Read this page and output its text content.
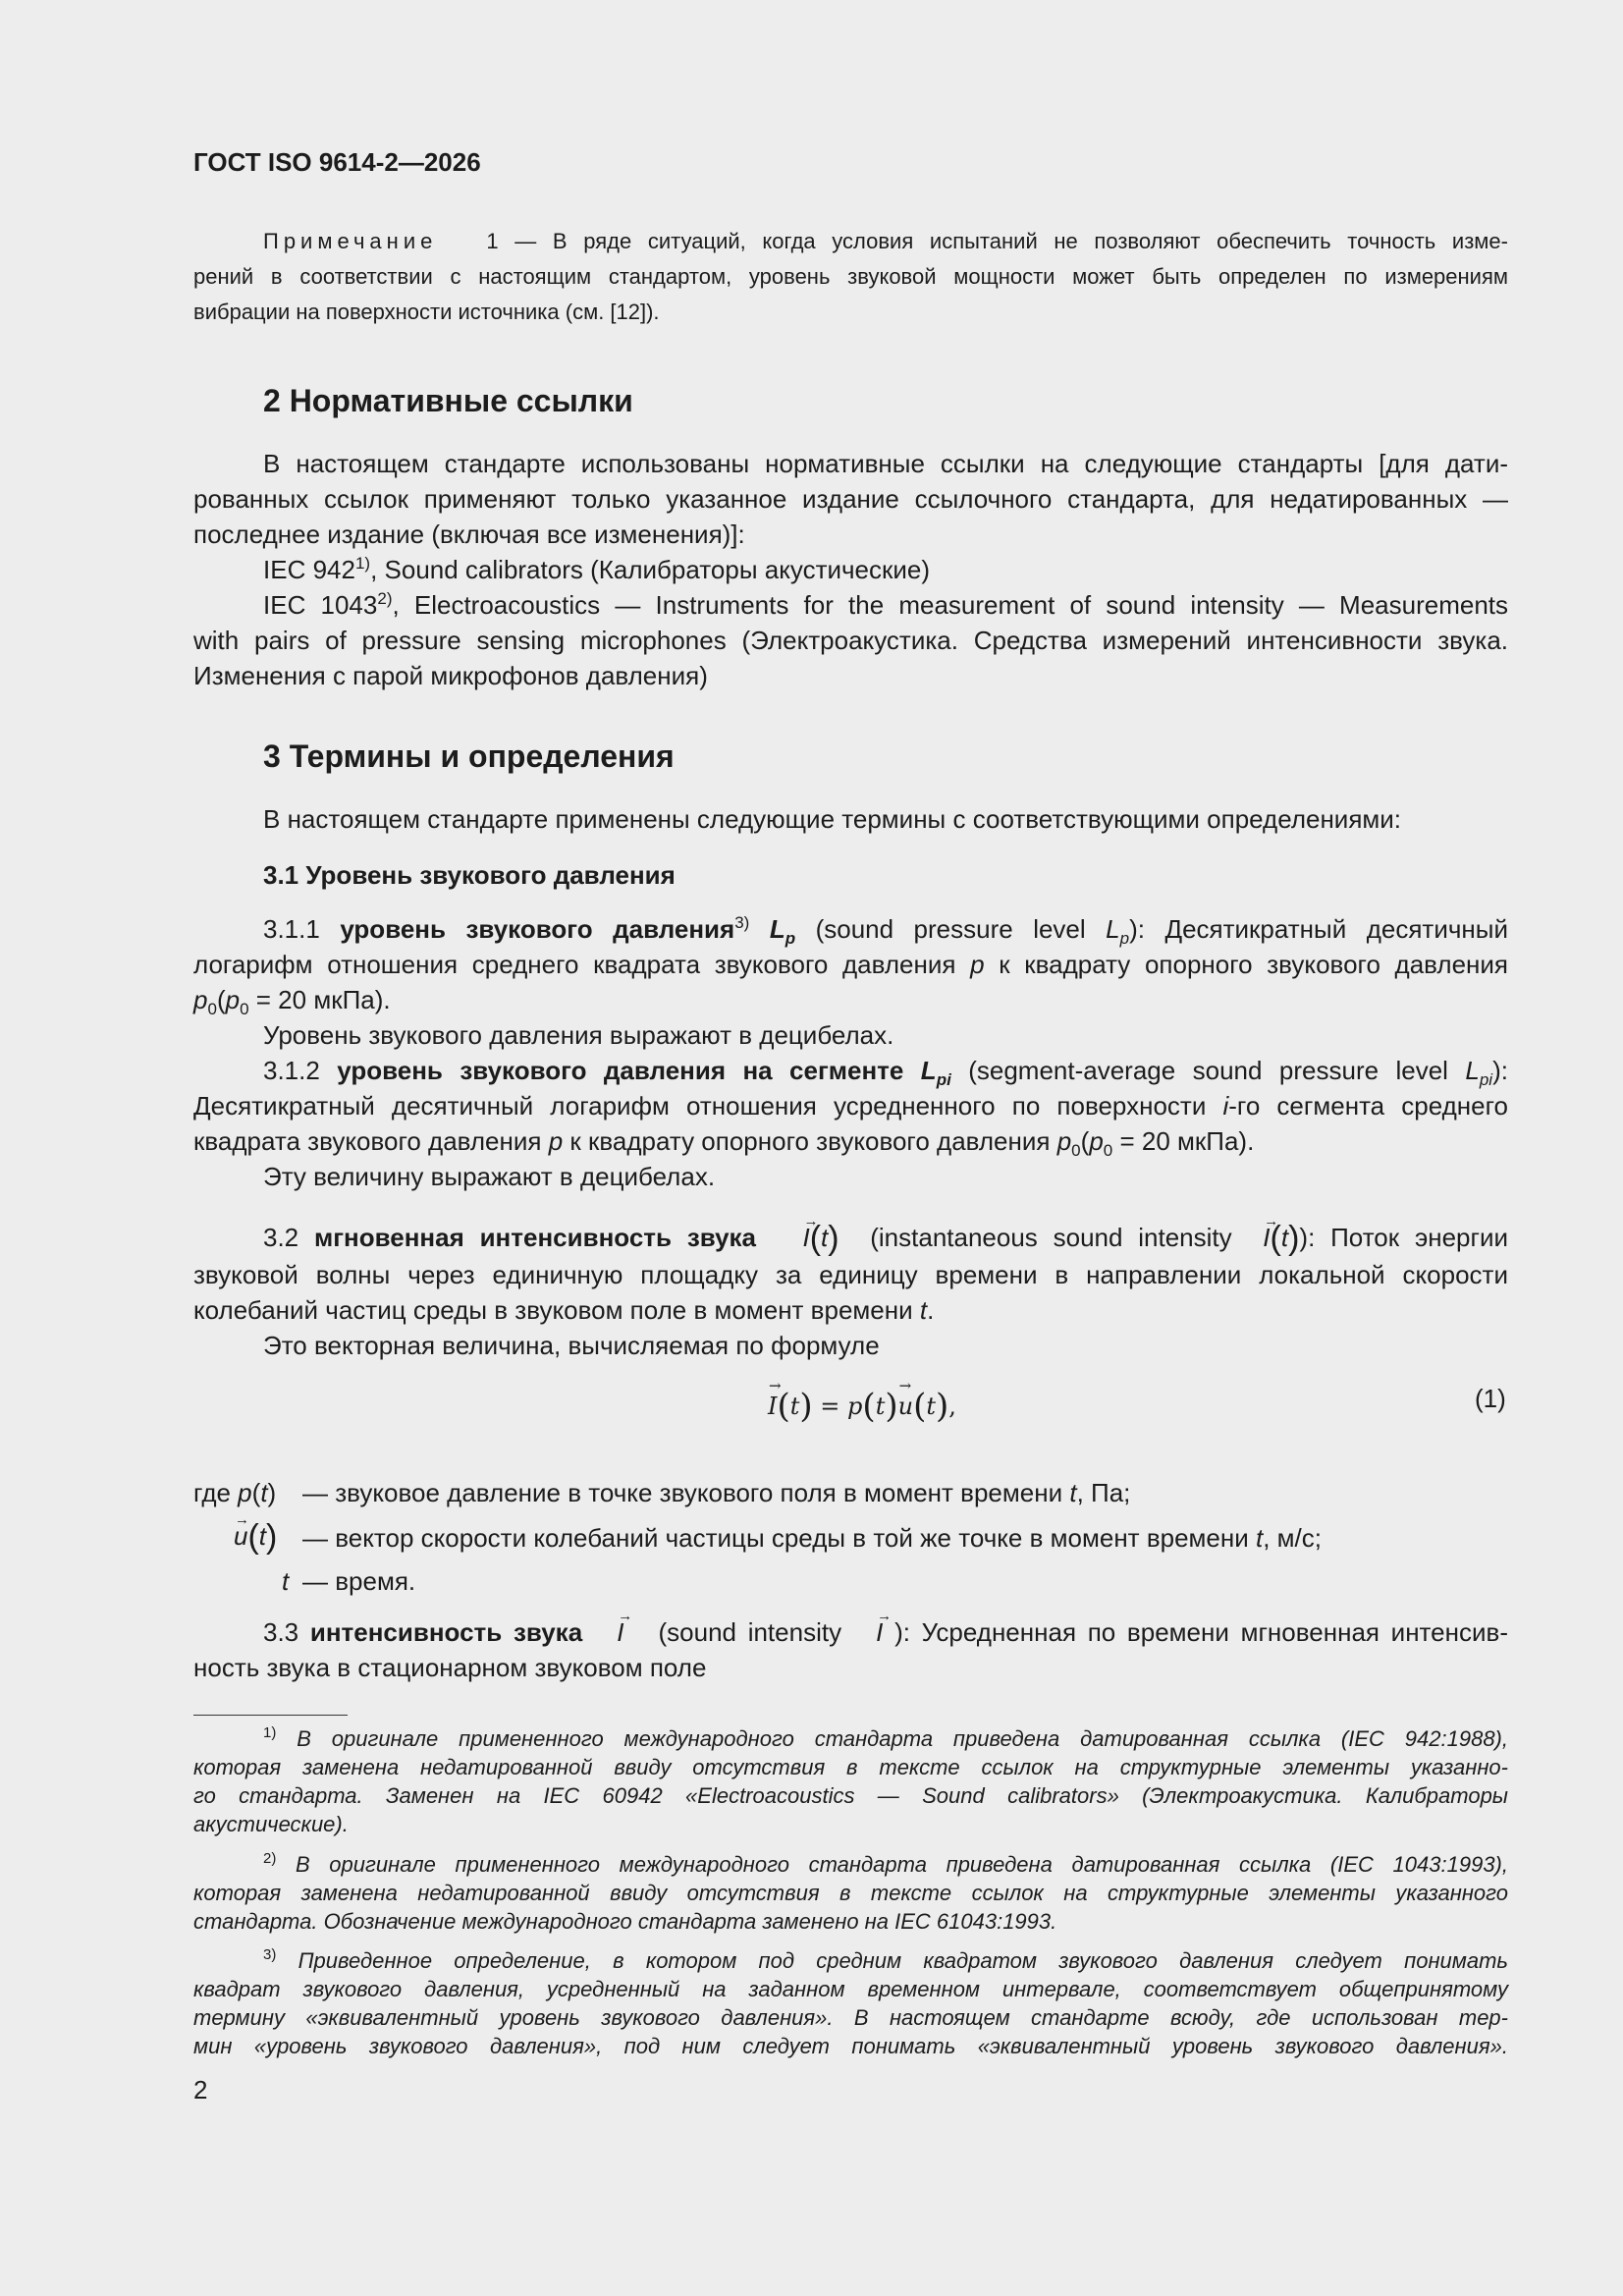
ГОСТ ISO 9614-2—2026
Примечание 1 — В ряде ситуаций, когда условия испытаний не позволяют обеспечить точность изме-
рений в соответствии с настоящим стандартом, уровень звуковой мощности может быть определен по измерениям
вибрации на поверхности источника (см. [12]).
2 Нормативные ссылки
В настоящем стандарте использованы нормативные ссылки на следующие стандарты [для дати-
рованных ссылок применяют только указанное издание ссылочного стандарта, для недатированных —
последнее издание (включая все изменения)]:
IEC 942$^{1)}$, Sound calibrators (Калибраторы акустические)
IEC 1043$^{2)}$, Electroacoustics — Instruments for the measurement of sound intensity — Measurements
with pairs of pressure sensing microphones (Электроакустика. Средства измерений интенсивности звука.
Изменения с парой микрофонов давления)
3 Термины и определения
В настоящем стандарте применены следующие термины с соответствующими определениями:
3.1 Уровень звукового давления
3.1.1 уровень звукового давления$^{3)}$ $L_p$ (sound pressure level $L_p$): Десятикратный десятичный
логарифм отношения среднего квадрата звукового давления p к квадрату опорного звукового давления
$p_0(p_0 = 20$ мкПа).
Уровень звукового давления выражают в децибелах.
3.1.2 уровень звукового давления на сегменте $L_{pi}$ (segment-average sound pressure level $L_{pi}$):
Десятикратный десятичный логарифм отношения усредненного по поверхности i-го сегмента среднего
квадрата звукового давления p к квадрату опорного звукового давления $p_0(p_0 = 20$ мкПа).
Эту величину выражают в децибелах.
3.2 мгновенная интенсивность звука → I(t) (instantaneous sound intensity → I(t)): Поток энергии
звуковой волны через единичную площадку за единицу времени в направлении локальной скорости
колебаний частиц среды в звуковом поле в момент времени t.
Это векторная величина, вычисляемая по формуле
→ I(t) = p(t)→ u(t),	(1)
где p(t) — звуковое давление в точке звукового поля в момент времени t, Па;
→ u(t) — вектор скорости колебаний частицы среды в той же точке в момент времени t, м/с;
t — время.
3.3 интенсивность звука → I (sound intensity → I ): Усредненная по времени мгновенная интенсив-
ность звука в стационарном звуковом поле
$^{1)}$ В оригинале примененного международного стандарта приведена датированная ссылка (IEC 942:1988),
которая заменена недатированной ввиду отсутствия в тексте ссылок на структурные элементы указанно-
го стандарта. Заменен на IEC 60942 «Electroacoustics — Sound calibrators» (Электроакустика. Калибраторы
акустические).
$^{2)}$ В оригинале примененного международного стандарта приведена датированная ссылка (IEC 1043:1993),
которая заменена недатированной ввиду отсутствия в тексте ссылок на структурные элементы указанного
стандарта. Обозначение международного стандарта заменено на IEC 61043:1993.
$^{3)}$ Приведенное определение, в котором под средним квадратом звукового давления следует понимать
квадрат звукового давления, усредненный на заданном временном интервале, соответствует общепринятому
термину «эквивалентный уровень звукового давления». В настоящем стандарте всюду, где использован тер-
мин «уровень звукового давления», под ним следует понимать «эквивалентный уровень звукового давления».
2
